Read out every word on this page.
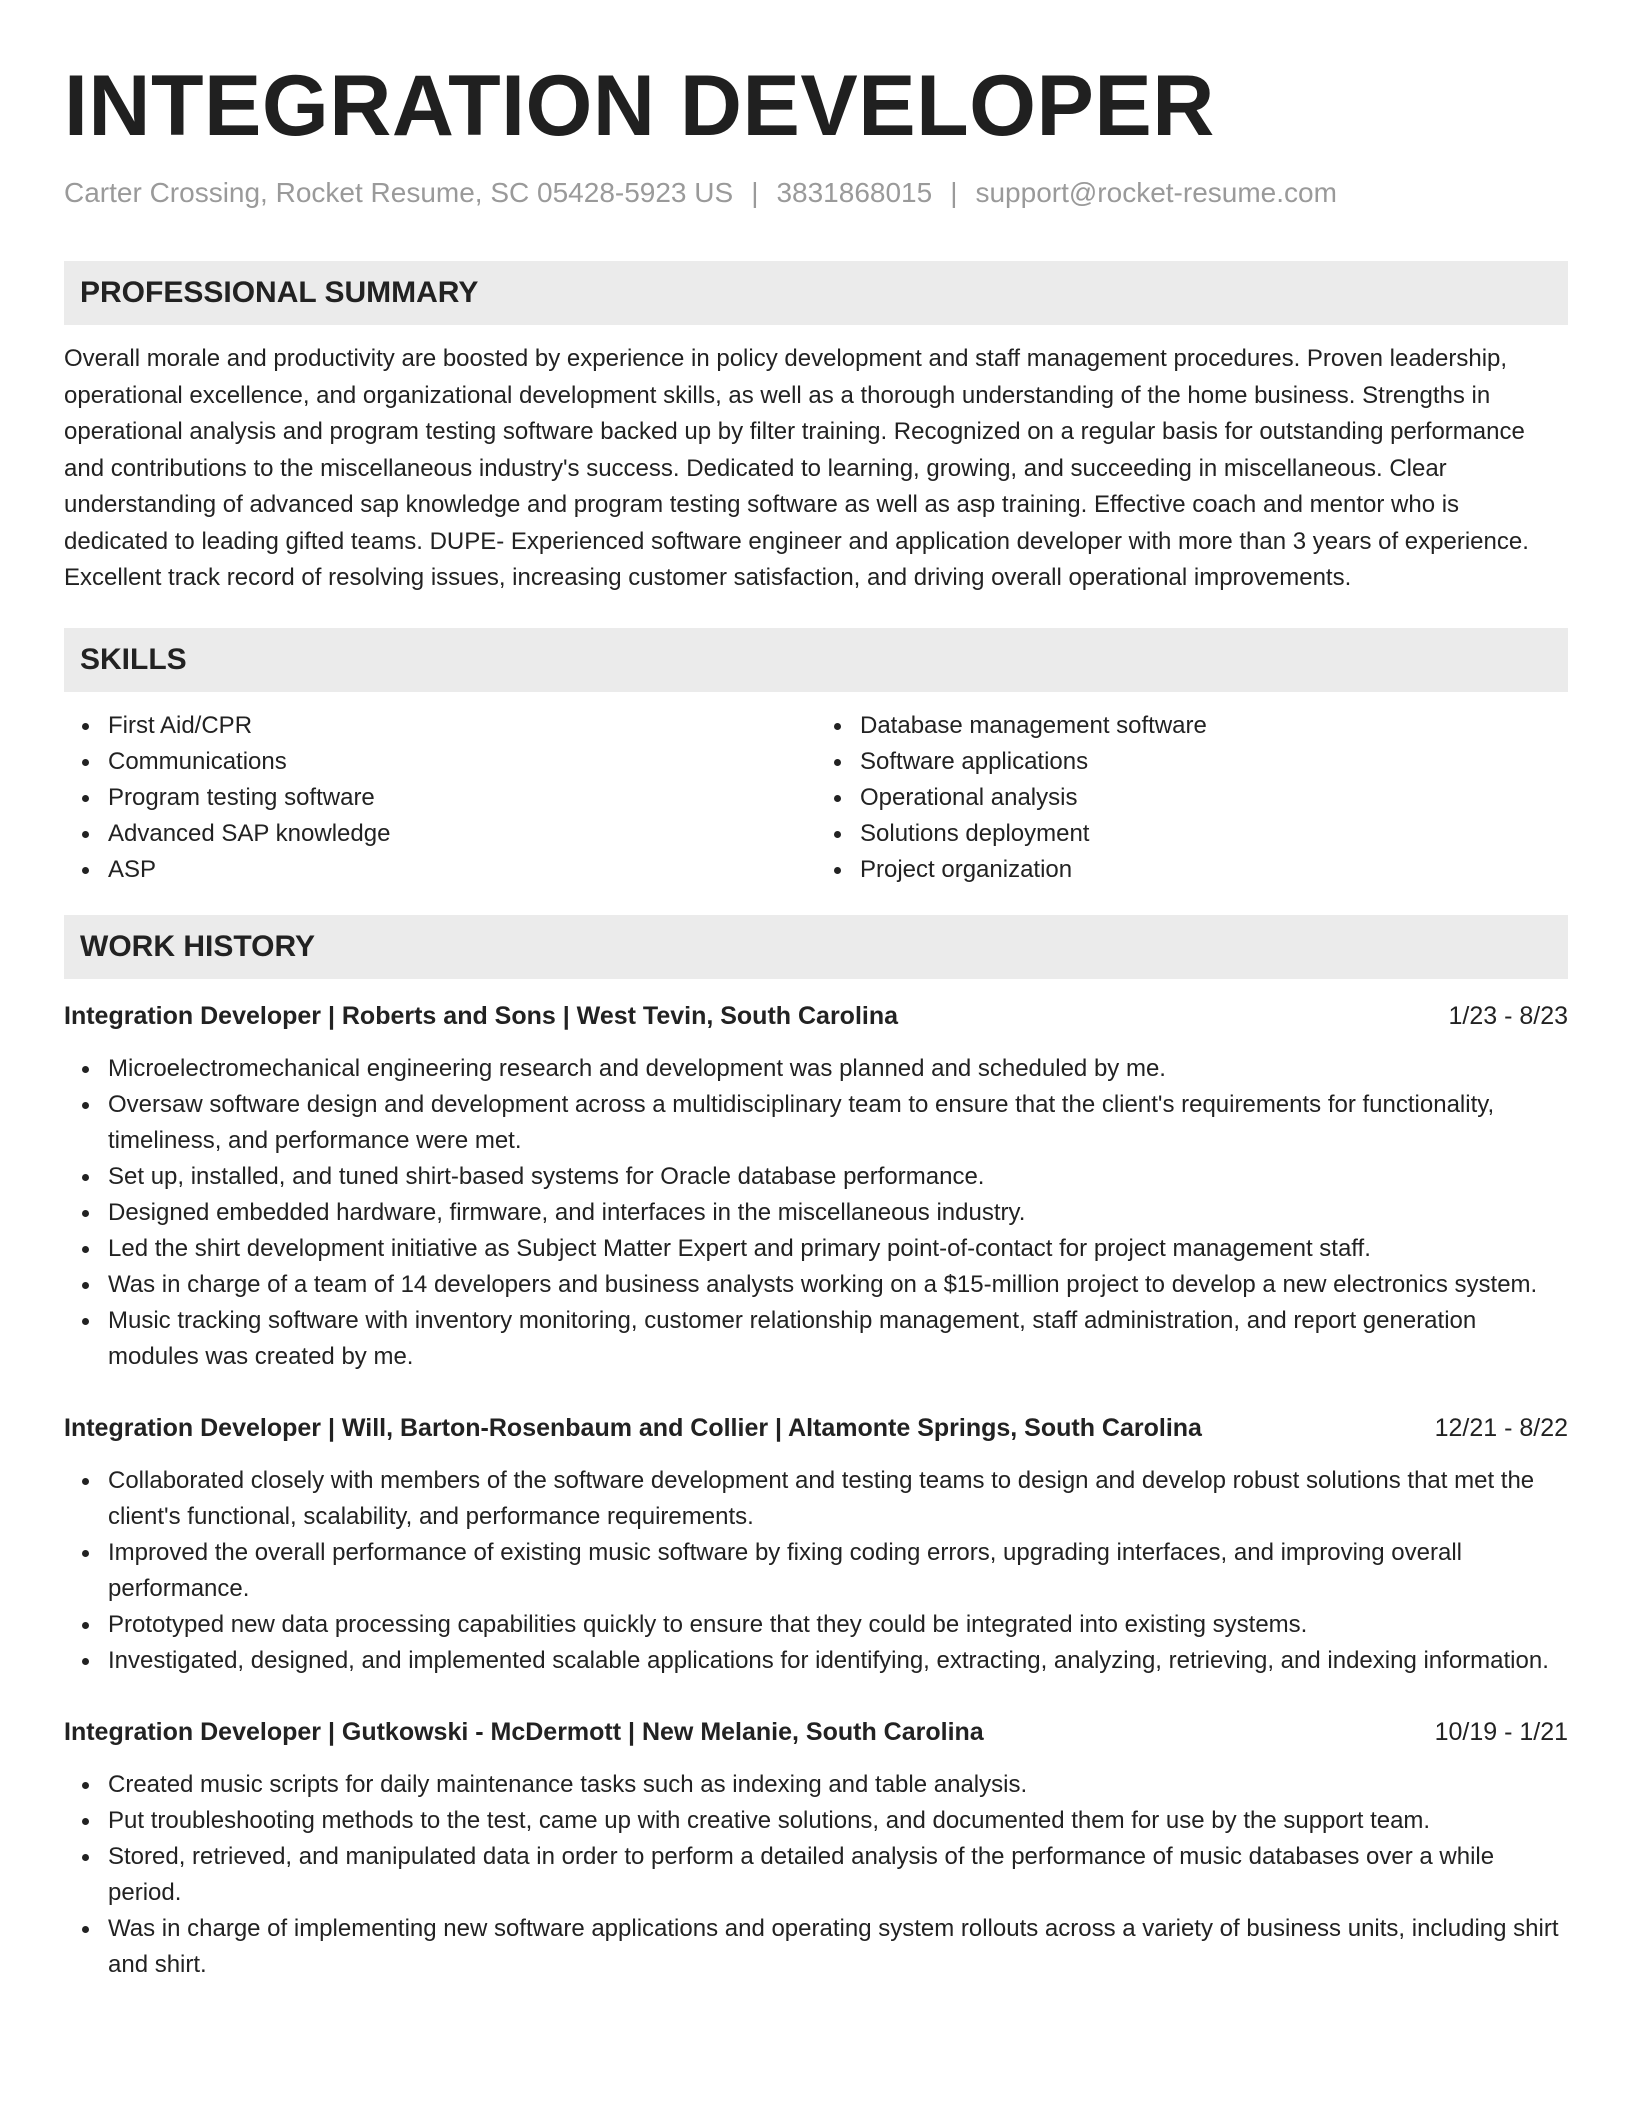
INTEGRATION DEVELOPER
Carter Crossing, Rocket Resume, SC 05428-5923 US | 3831868015 | support@rocket-resume.com
PROFESSIONAL SUMMARY

Overall morale and productivity are boosted by experience in policy development and staff management procedures. Proven leadership, operational excellence, and organizational development skills, as well as a thorough understanding of the home business. Strengths in operational analysis and program testing software backed up by filter training. Recognized on a regular basis for outstanding performance and contributions to the miscellaneous industry's success. Dedicated to learning, growing, and succeeding in miscellaneous. Clear understanding of advanced sap knowledge and program testing software as well as asp training. Effective coach and mentor who is dedicated to leading gifted teams. DUPE- Experienced software engineer and application developer with more than 3 years of experience. Excellent track record of resolving issues, increasing customer satisfaction, and driving overall operational improvements.

SKILLS
First Aid/CPR
Communications
Program testing software
Advanced SAP knowledge
ASP
Database management software
Software applications
Operational analysis
Solutions deployment
Project organization
WORK HISTORY
Integration Developer | Roberts and Sons | West Tevin, South Carolina	1/23 - 8/23
Microelectromechanical engineering research and development was planned and scheduled by me.
Oversaw software design and development across a multidisciplinary team to ensure that the client's requirements for functionality, timeliness, and performance were met.
Set up, installed, and tuned shirt-based systems for Oracle database performance.
Designed embedded hardware, firmware, and interfaces in the miscellaneous industry.
Led the shirt development initiative as Subject Matter Expert and primary point-of-contact for project management staff.
Was in charge of a team of 14 developers and business analysts working on a $15-million project to develop a new electronics system.
Music tracking software with inventory monitoring, customer relationship management, staff administration, and report generation modules was created by me.
Integration Developer | Will, Barton-Rosenbaum and Collier | Altamonte Springs, South Carolina	12/21 - 8/22
Collaborated closely with members of the software development and testing teams to design and develop robust solutions that met the client's functional, scalability, and performance requirements.
Improved the overall performance of existing music software by fixing coding errors, upgrading interfaces, and improving overall performance.
Prototyped new data processing capabilities quickly to ensure that they could be integrated into existing systems.
Investigated, designed, and implemented scalable applications for identifying, extracting, analyzing, retrieving, and indexing information.
Integration Developer | Gutkowski - McDermott | New Melanie, South Carolina	10/19 - 1/21
Created music scripts for daily maintenance tasks such as indexing and table analysis.
Put troubleshooting methods to the test, came up with creative solutions, and documented them for use by the support team.
Stored, retrieved, and manipulated data in order to perform a detailed analysis of the performance of music databases over a while period.
Was in charge of implementing new software applications and operating system rollouts across a variety of business units, including shirt and shirt.
